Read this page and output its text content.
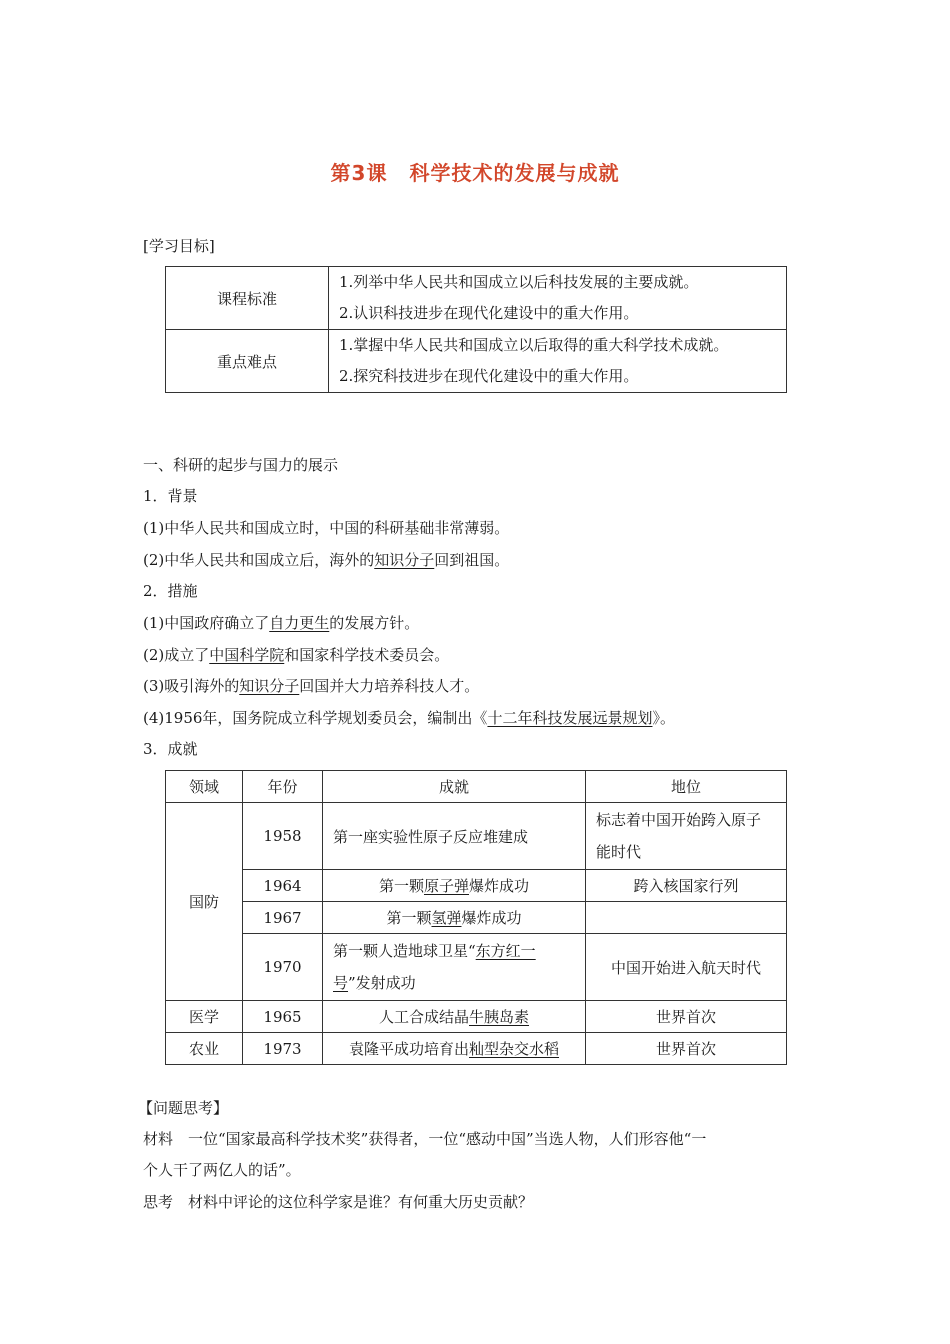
第3课 科学技术的发展与成就
[学习目标]
课程标准	1.列举中华人民共和国成立以后科技发展的主要成就。
2.认识科技进步在现代化建设中的重大作用。

重点难点	1.掌握中华人民共和国成立以后取得的重大科学技术成就。
2.探究科技进步在现代化建设中的重大作用。
一、科研的起步与国力的展示
1．背景
(1)中华人民共和国成立时，中国的科研基础非常薄弱。
(2)中华人民共和国成立后，海外的知识分子回到祖国。
2．措施
(1)中国政府确立了自力更生的发展方针。
(2)成立了中国科学院和国家科学技术委员会。
(3)吸引海外的知识分子回国并大力培养科技人才。
(4)1956年，国务院成立科学规划委员会，编制出《十二年科技发展远景规划》。
3．成就
领域	年份	成就	地位
国防	1958	第一座实验性原子反应堆建成	标志着中国开始跨入原子
能时代
	1964	第一颗原子弹爆炸成功	跨入核国家行列
	1967	第一颗氢弹爆炸成功	
	1970	第一颗人造地球卫星“东方红一
号”发射成功	中国开始进入航天时代
医学	1965	人工合成结晶牛胰岛素	世界首次
农业	1973	袁隆平成功培育出籼型杂交水稻	世界首次
【问题思考】
材料　一位“国家最高科学技术奖”获得者，一位“感动中国”当选人物，人们形容他“一
个人干了两亿人的话”。
思考　材料中评论的这位科学家是谁？有何重大历史贡献？
